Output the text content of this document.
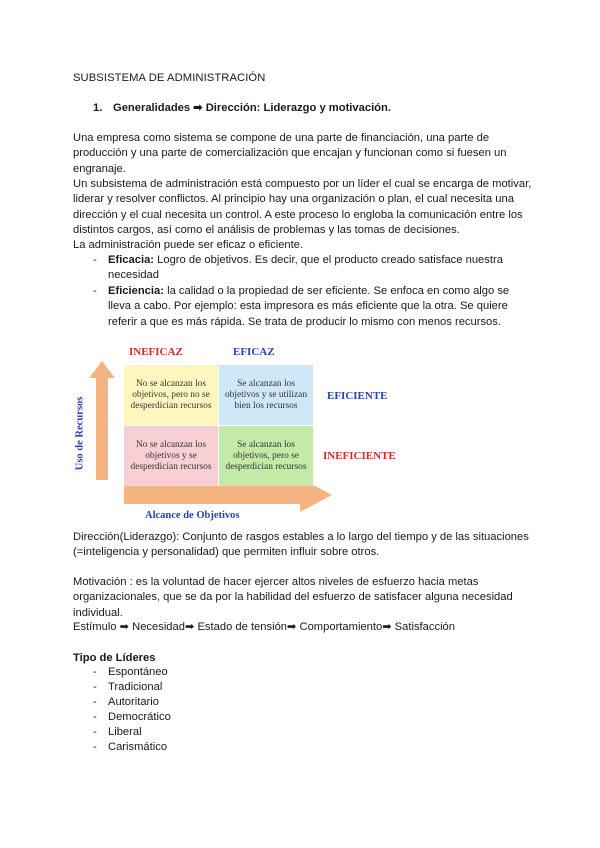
SUBSISTEMA DE ADMINISTRACIÓN
1. Generalidades ➡ Dirección: Liderazgo y motivación.
Una empresa como sistema se compone de una parte de financiación, una parte de producción y una parte de comercialización que encajan y funcionan como si fuesen un engranaje.
Un subsistema de administración está compuesto por un líder el cual se encarga de motivar, liderar y resolver conflictos. Al principio hay una organización o plan, el cual necesita una dirección y el cual necesita un control. A este proceso lo engloba la comunicación entre los distintos cargos, así como el análisis de problemas y las tomas de decisiones.
La administración puede ser eficaz o eficiente.
- Eficacia: Logro de objetivos. Es decir, que el producto creado satisface nuestra necesidad
- Eficiencia: la calidad o la propiedad de ser eficiente. Se enfoca en como algo se lleva a cabo. Por ejemplo: esta impresora es más eficiente que la otra. Se quiere referir a que es más rápida. Se trata de producir lo mismo con menos recursos.
INEFICAZ	EFICAZ
No se alcanzan los objetivos, pero no se desperdician recursos
Se alcanzan los objetivos y se utilizan bien los recursos
No se alcanzan los objetivos y se desperdician recursos
Se alcanzan los objetivos, pero se desperdician recursos
EFICIENTE
INEFICIENTE
Uso de Recursos
Alcance de Objetivos
Dirección(Liderazgo): Conjunto de rasgos estables a lo largo del tiempo y de las situaciones (=inteligencia y personalidad) que permiten influir sobre otros.
Motivación : es la voluntad de hacer ejercer altos niveles de esfuerzo hacia metas organizacionales, que se da por la habilidad del esfuerzo de satisfacer alguna necesidad individual.
Estímulo ➡ Necesidad➡ Estado de tensión➡ Comportamiento➡ Satisfacción
Tipo de Líderes
- Espontáneo
- Tradicional
- Autoritario
- Democrático
- Liberal
- Carismático
